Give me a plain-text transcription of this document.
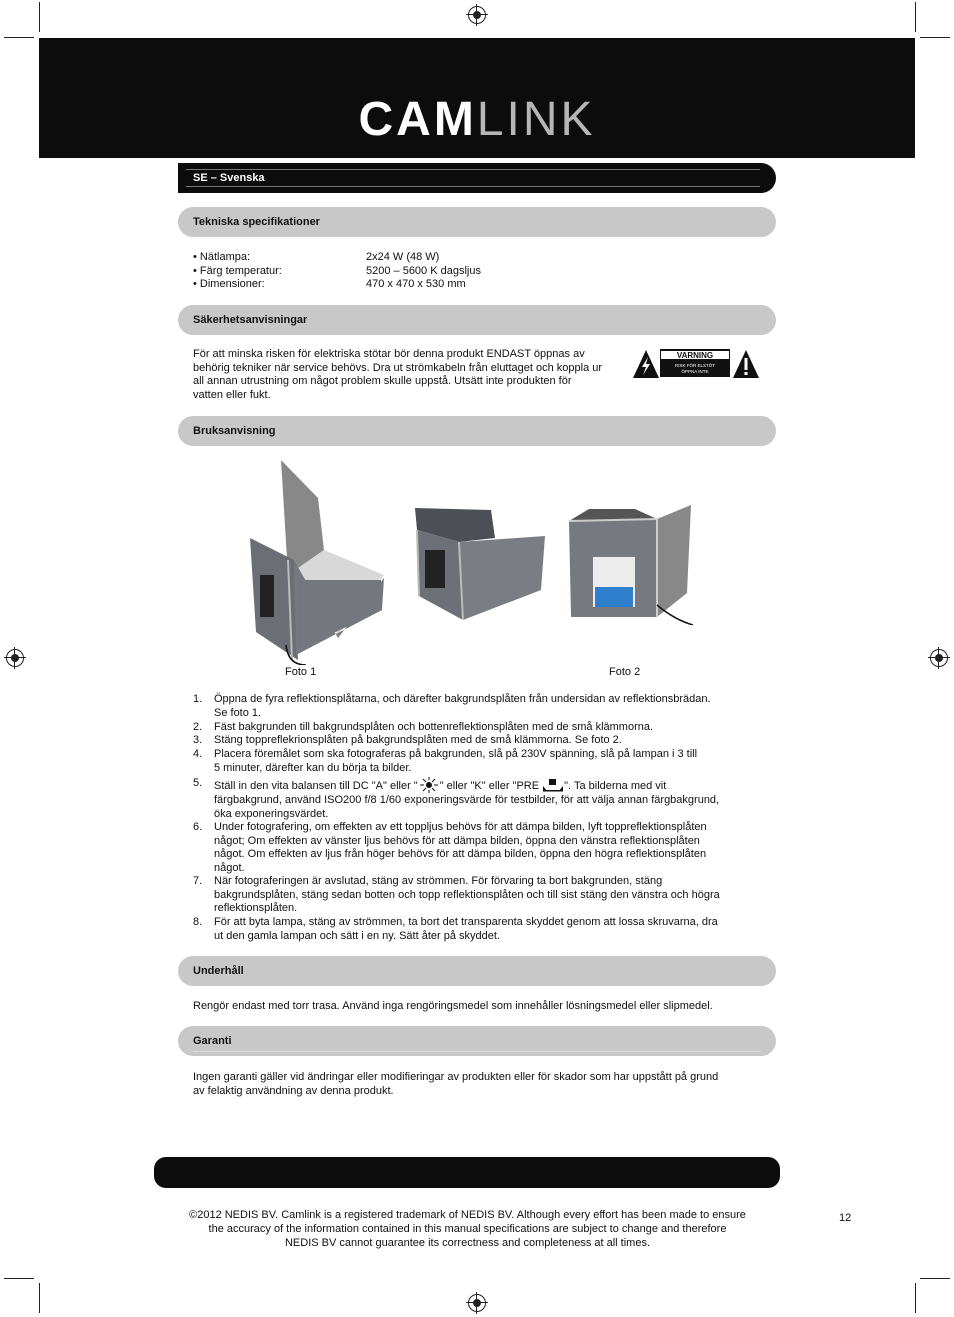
CAMLINK
SE – Svenska
Tekniska specifikationer
• Nätlampa:	2x24 W (48 W)
• Färg temperatur:	5200 – 5600 K dagsljus
• Dimensioner:	470 x 470 x 530 mm
Säkerhetsanvisningar
För att minska risken för elektriska stötar bör denna produkt ENDAST öppnas av
behörig tekniker när service behövs. Dra ut strömkabeln från eluttaget och koppla ur
all annan utrustning om något problem skulle uppstå. Utsätt inte produkten för
vatten eller fukt.
VARNING
RISK FÖR ELSTÖT
ÖPPNA INTE
Bruksanvisning
Foto 1	Foto 2
1. Öppna de fyra reflektionsplåtarna, och därefter bakgrundsplåten från undersidan av reflektionsbrädan.
Se foto 1.
2. Fäst bakgrunden till bakgrundsplåten och bottenreflektionsplåten med de små klämmorna.
3. Stäng toppreflekrionsplåten på bakgrundsplåten med de små klämmorna. Se foto 2.
4. Placera föremålet som ska fotograferas på bakgrunden, slå på 230V spänning, slå på lampan i 3 till
5 minuter, därefter kan du börja ta bilder.
5. Ställ in den vita balansen till DC "A" eller " " eller "K" eller "PRE ". Ta bilderna med vit
färgbakgrund, använd ISO200 f/8 1/60 exponeringsvärde för testbilder, för att välja annan färgbakgrund,
öka exponeringsvärdet.
6. Under fotografering, om effekten av ett toppljus behövs för att dämpa bilden, lyft toppreflektionsplåten
något; Om effekten av vänster ljus behövs för att dämpa bilden, öppna den vänstra reflektionsplåten
något. Om effekten av ljus från höger behövs för att dämpa bilden, öppna den högra reflektionsplåten
något.
7. När fotograferingen är avslutad, stäng av strömmen. För förvaring ta bort bakgrunden, stäng
bakgrundsplåten, stäng sedan botten och topp reflektionsplåten och till sist stäng den vänstra och högra
reflektionsplåten.
8. För att byta lampa, stäng av strömmen, ta bort det transparenta skyddet genom att lossa skruvarna, dra
ut den gamla lampan och sätt i en ny. Sätt åter på skyddet.
Underhåll
Rengör endast med torr trasa. Använd inga rengöringsmedel som innehåller lösningsmedel eller slipmedel.
Garanti
Ingen garanti gäller vid ändringar eller modifieringar av produkten eller för skador som har uppstått på grund
av felaktig användning av denna produkt.
©2012 NEDIS BV. Camlink is a registered trademark of NEDIS BV. Although every effort has been made to ensure
the accuracy of the information contained in this manual specifications are subject to change and therefore
NEDIS BV cannot guarantee its correctness and completeness at all times.
12
